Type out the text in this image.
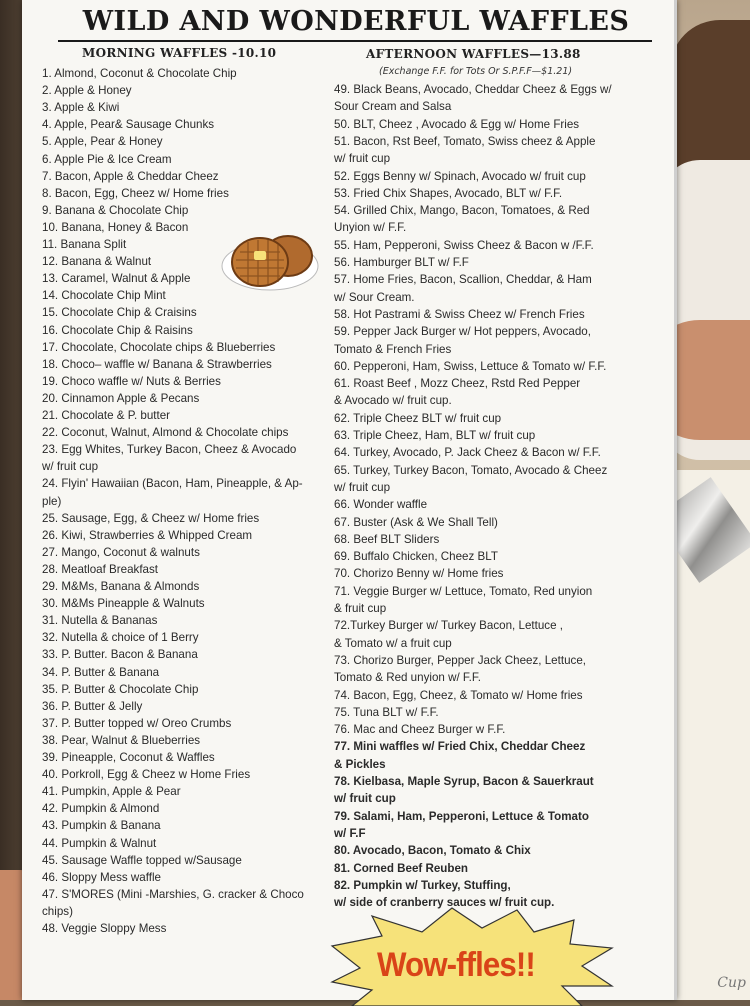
WILD AND WONDERFUL WAFFLES
MORNING WAFFLES -10.10	AFTERNOON WAFFLES—13.88
(Exchange F.F. for Tots Or S.P.F.F—$1.21)
1. Almond, Coconut & Chocolate Chip
2. Apple & Honey
3. Apple & Kiwi
4. Apple, Pear& Sausage Chunks
5. Apple, Pear & Honey
6. Apple Pie & Ice Cream
7. Bacon, Apple & Cheddar Cheez
8. Bacon, Egg, Cheez w/ Home fries
9. Banana & Chocolate Chip
10. Banana, Honey & Bacon
11. Banana Split
12. Banana & Walnut
13. Caramel, Walnut & Apple
14. Chocolate Chip Mint
15. Chocolate Chip & Craisins
16. Chocolate Chip & Raisins
17. Chocolate, Chocolate chips & Blueberries
18. Choco– waffle w/ Banana & Strawberries
19. Choco waffle w/ Nuts & Berries
20. Cinnamon Apple & Pecans
21. Chocolate & P. butter
22. Coconut, Walnut, Almond & Chocolate chips
23. Egg Whites, Turkey Bacon, Cheez & Avocado
w/ fruit cup
24. Flyin' Hawaiian (Bacon, Ham, Pineapple, & Ap-
ple)
25. Sausage, Egg, & Cheez w/ Home fries
26. Kiwi, Strawberries & Whipped Cream
27. Mango, Coconut & walnuts
28. Meatloaf Breakfast
29. M&Ms, Banana & Almonds
30. M&Ms Pineapple & Walnuts
31. Nutella & Bananas
32. Nutella & choice of 1 Berry
33. P. Butter. Bacon & Banana
34. P. Butter & Banana
35. P. Butter & Chocolate Chip
36. P. Butter & Jelly
37. P. Butter topped w/ Oreo Crumbs
38. Pear, Walnut & Blueberries
39. Pineapple, Coconut & Waffles
40. Porkroll, Egg & Cheez w Home Fries
41. Pumpkin, Apple & Pear
42. Pumpkin & Almond
43. Pumpkin & Banana
44. Pumpkin & Walnut
45. Sausage Waffle topped w/Sausage
46. Sloppy Mess waffle
47. S'MORES (Mini -Marshies, G. cracker & Choco
chips)
48. Veggie Sloppy Mess
49. Black Beans, Avocado, Cheddar Cheez & Eggs w/
Sour Cream and Salsa
50. BLT, Cheez , Avocado & Egg w/ Home Fries
51. Bacon, Rst Beef, Tomato, Swiss cheez & Apple
w/ fruit cup
52. Eggs Benny w/ Spinach, Avocado w/ fruit cup
53. Fried Chix Shapes, Avocado, BLT w/ F.F.
54. Grilled Chix, Mango, Bacon, Tomatoes, & Red
Unyion w/ F.F.
55. Ham, Pepperoni, Swiss Cheez & Bacon w /F.F.
56. Hamburger BLT w/ F.F
57. Home Fries, Bacon, Scallion, Cheddar, & Ham
w/ Sour Cream.
58. Hot Pastrami & Swiss Cheez w/ French Fries
59. Pepper Jack Burger w/ Hot peppers, Avocado,
Tomato & French Fries
60. Pepperoni, Ham, Swiss, Lettuce & Tomato w/ F.F.
61. Roast Beef , Mozz Cheez, Rstd Red Pepper
& Avocado w/ fruit cup.
62. Triple Cheez BLT w/ fruit cup
63. Triple Cheez, Ham, BLT w/ fruit cup
64. Turkey, Avocado, P. Jack Cheez & Bacon w/ F.F.
65. Turkey, Turkey Bacon, Tomato, Avocado & Cheez
w/ fruit cup
66. Wonder waffle
67. Buster (Ask & We Shall Tell)
68. Beef BLT Sliders
69. Buffalo Chicken, Cheez BLT
70. Chorizo Benny w/ Home fries
71. Veggie Burger w/ Lettuce, Tomato, Red unyion
& fruit cup
72.Turkey Burger w/ Turkey Bacon, Lettuce ,
& Tomato w/ a fruit cup
73. Chorizo Burger, Pepper Jack Cheez, Lettuce,
Tomato & Red unyion w/ F.F.
74. Bacon, Egg, Cheez, & Tomato w/ Home fries
75. Tuna BLT w/ F.F.
76. Mac and Cheez Burger w F.F.
77. Mini waffles w/ Fried Chix, Cheddar Cheez
& Pickles
78. Kielbasa, Maple Syrup, Bacon & Sauerkraut
w/ fruit cup
79. Salami, Ham, Pepperoni, Lettuce & Tomato
w/ F.F
80. Avocado, Bacon, Tomato & Chix
81. Corned Beef Reuben
82. Pumpkin w/ Turkey, Stuffing,
w/ side of cranberry sauces w/ fruit cup.
Wow-ffles!!	Cup
